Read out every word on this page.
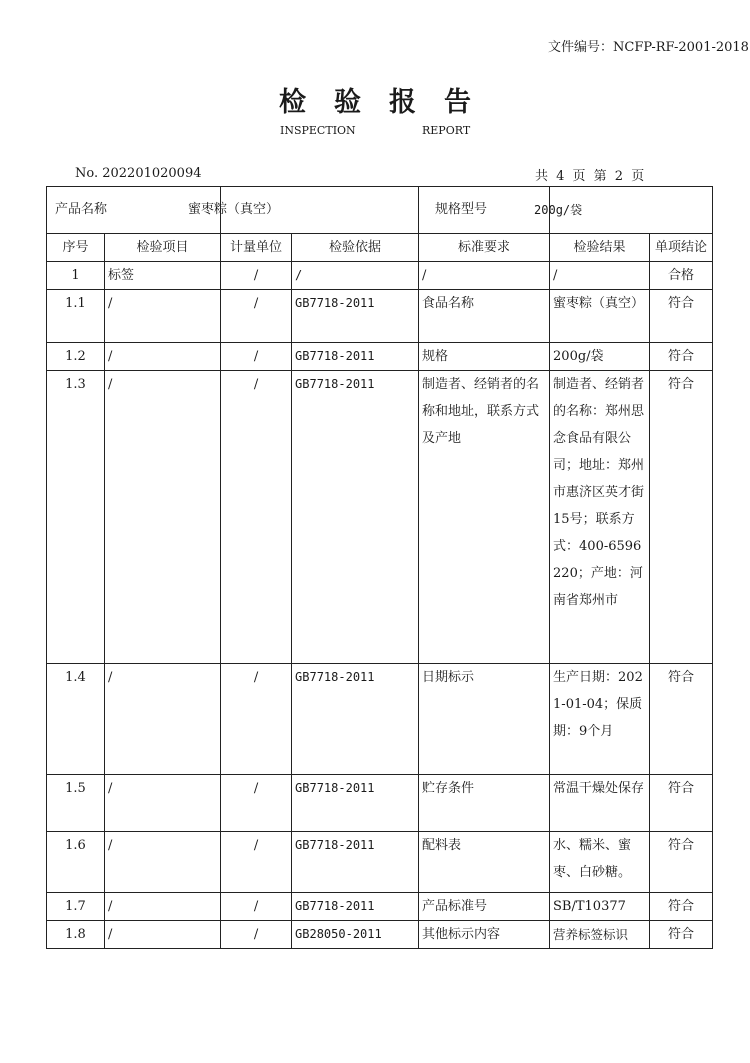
文件编号：NCFP-RF-2001-2018
检验报告
INSPECTION	REPORT
No. 202201020094	共 4 页 第 2 页
产品名称		蜜枣粽（真空）		规格型号	200g/袋	
序号	检验项目	计量单位	检验依据	标准要求	检验结果	单项结论
1	标签	/	/	/	/	合格
1.1	/	/	GB7718-2011	食品名称	蜜枣粽（真空）	符合
1.2	/	/	GB7718-2011	规格	200g/袋	符合
1.3	/	/	GB7718-2011	制造者、经销者的名称和地址，联系方式及产地	制造者、经销者的名称：郑州思念食品有限公司；地址：郑州市惠济区英才街15号；联系方式：400-6596220；产地：河南省郑州市	符合
1.4	/	/	GB7718-2011	日期标示	生产日期：2021-01-04；保质期：9个月	符合
1.5	/	/	GB7718-2011	贮存条件	常温干燥处保存	符合
1.6	/	/	GB7718-2011	配料表	水、糯米、蜜枣、白砂糖。	符合
1.7	/	/	GB7718-2011	产品标准号	SB/T10377	符合
1.8	/	/	GB28050-2011	其他标示内容	营养标签标识	符合
